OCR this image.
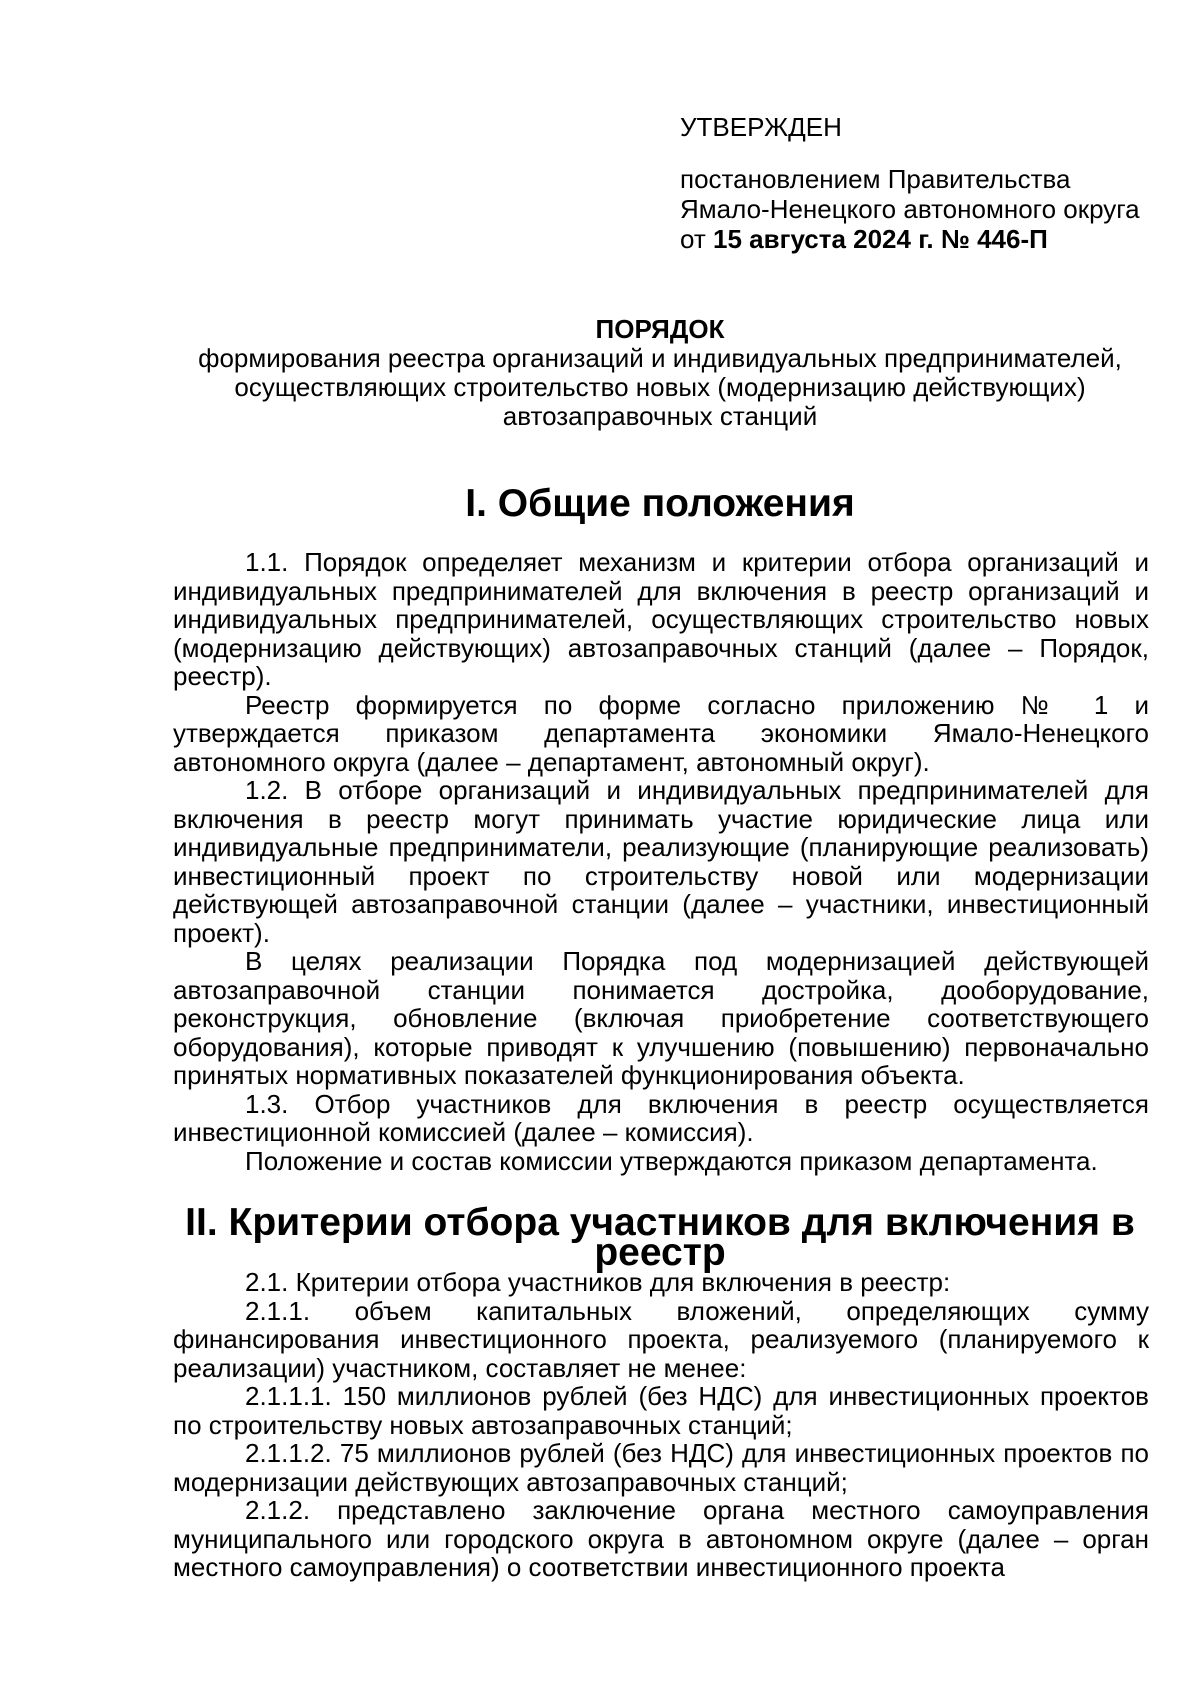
УТВЕРЖДЕН

постановлением Правительства

Ямало-Ненецкого автономного округа

от 15 августа 2024 г. № 446-П

ПОРЯДОК

формирования реестра организаций и индивидуальных предпринимателей, осуществляющих строительство новых (модернизацию действующих) автозаправочных станций

I. Общие положения

1.1. Порядок определяет механизм и критерии отбора организаций и индивидуальных предпринимателей для включения в реестр организаций и индивидуальных предпринимателей, осуществляющих строительство новых (модернизацию действующих) автозаправочных станций (далее – Порядок, реестр).

Реестр формируется по форме согласно приложению № 1 и утверждается приказом департамента экономики Ямало-Ненецкого автономного округа (далее – департамент, автономный округ).

1.2. В отборе организаций и индивидуальных предпринимателей для включения в реестр могут принимать участие юридические лица или индивидуальные предприниматели, реализующие (планирующие реализовать) инвестиционный проект по строительству новой или модернизации действующей автозаправочной станции (далее – участники, инвестиционный проект).

В целях реализации Порядка под модернизацией действующей автозаправочной станции понимается достройка, дооборудование, реконструкция, обновление (включая приобретение соответствующего оборудования), которые приводят к улучшению (повышению) первоначально принятых нормативных показателей функционирования объекта.

1.3. Отбор участников для включения в реестр осуществляется инвестиционной комиссией (далее – комиссия).

Положение и состав комиссии утверждаются приказом департамента.

II. Критерии отбора участников для включения в реестр

2.1. Критерии отбора участников для включения в реестр:

2.1.1. объем капитальных вложений, определяющих сумму финансирования инвестиционного проекта, реализуемого (планируемого к реализации) участником, составляет не менее:

2.1.1.1. 150 миллионов рублей (без НДС) для инвестиционных проектов по строительству новых автозаправочных станций;

2.1.1.2. 75 миллионов рублей (без НДС) для инвестиционных проектов по модернизации действующих автозаправочных станций;

2.1.2. представлено заключение органа местного самоуправления муниципального или городского округа в автономном округе (далее – орган местного самоуправления) о соответствии инвестиционного проекта
